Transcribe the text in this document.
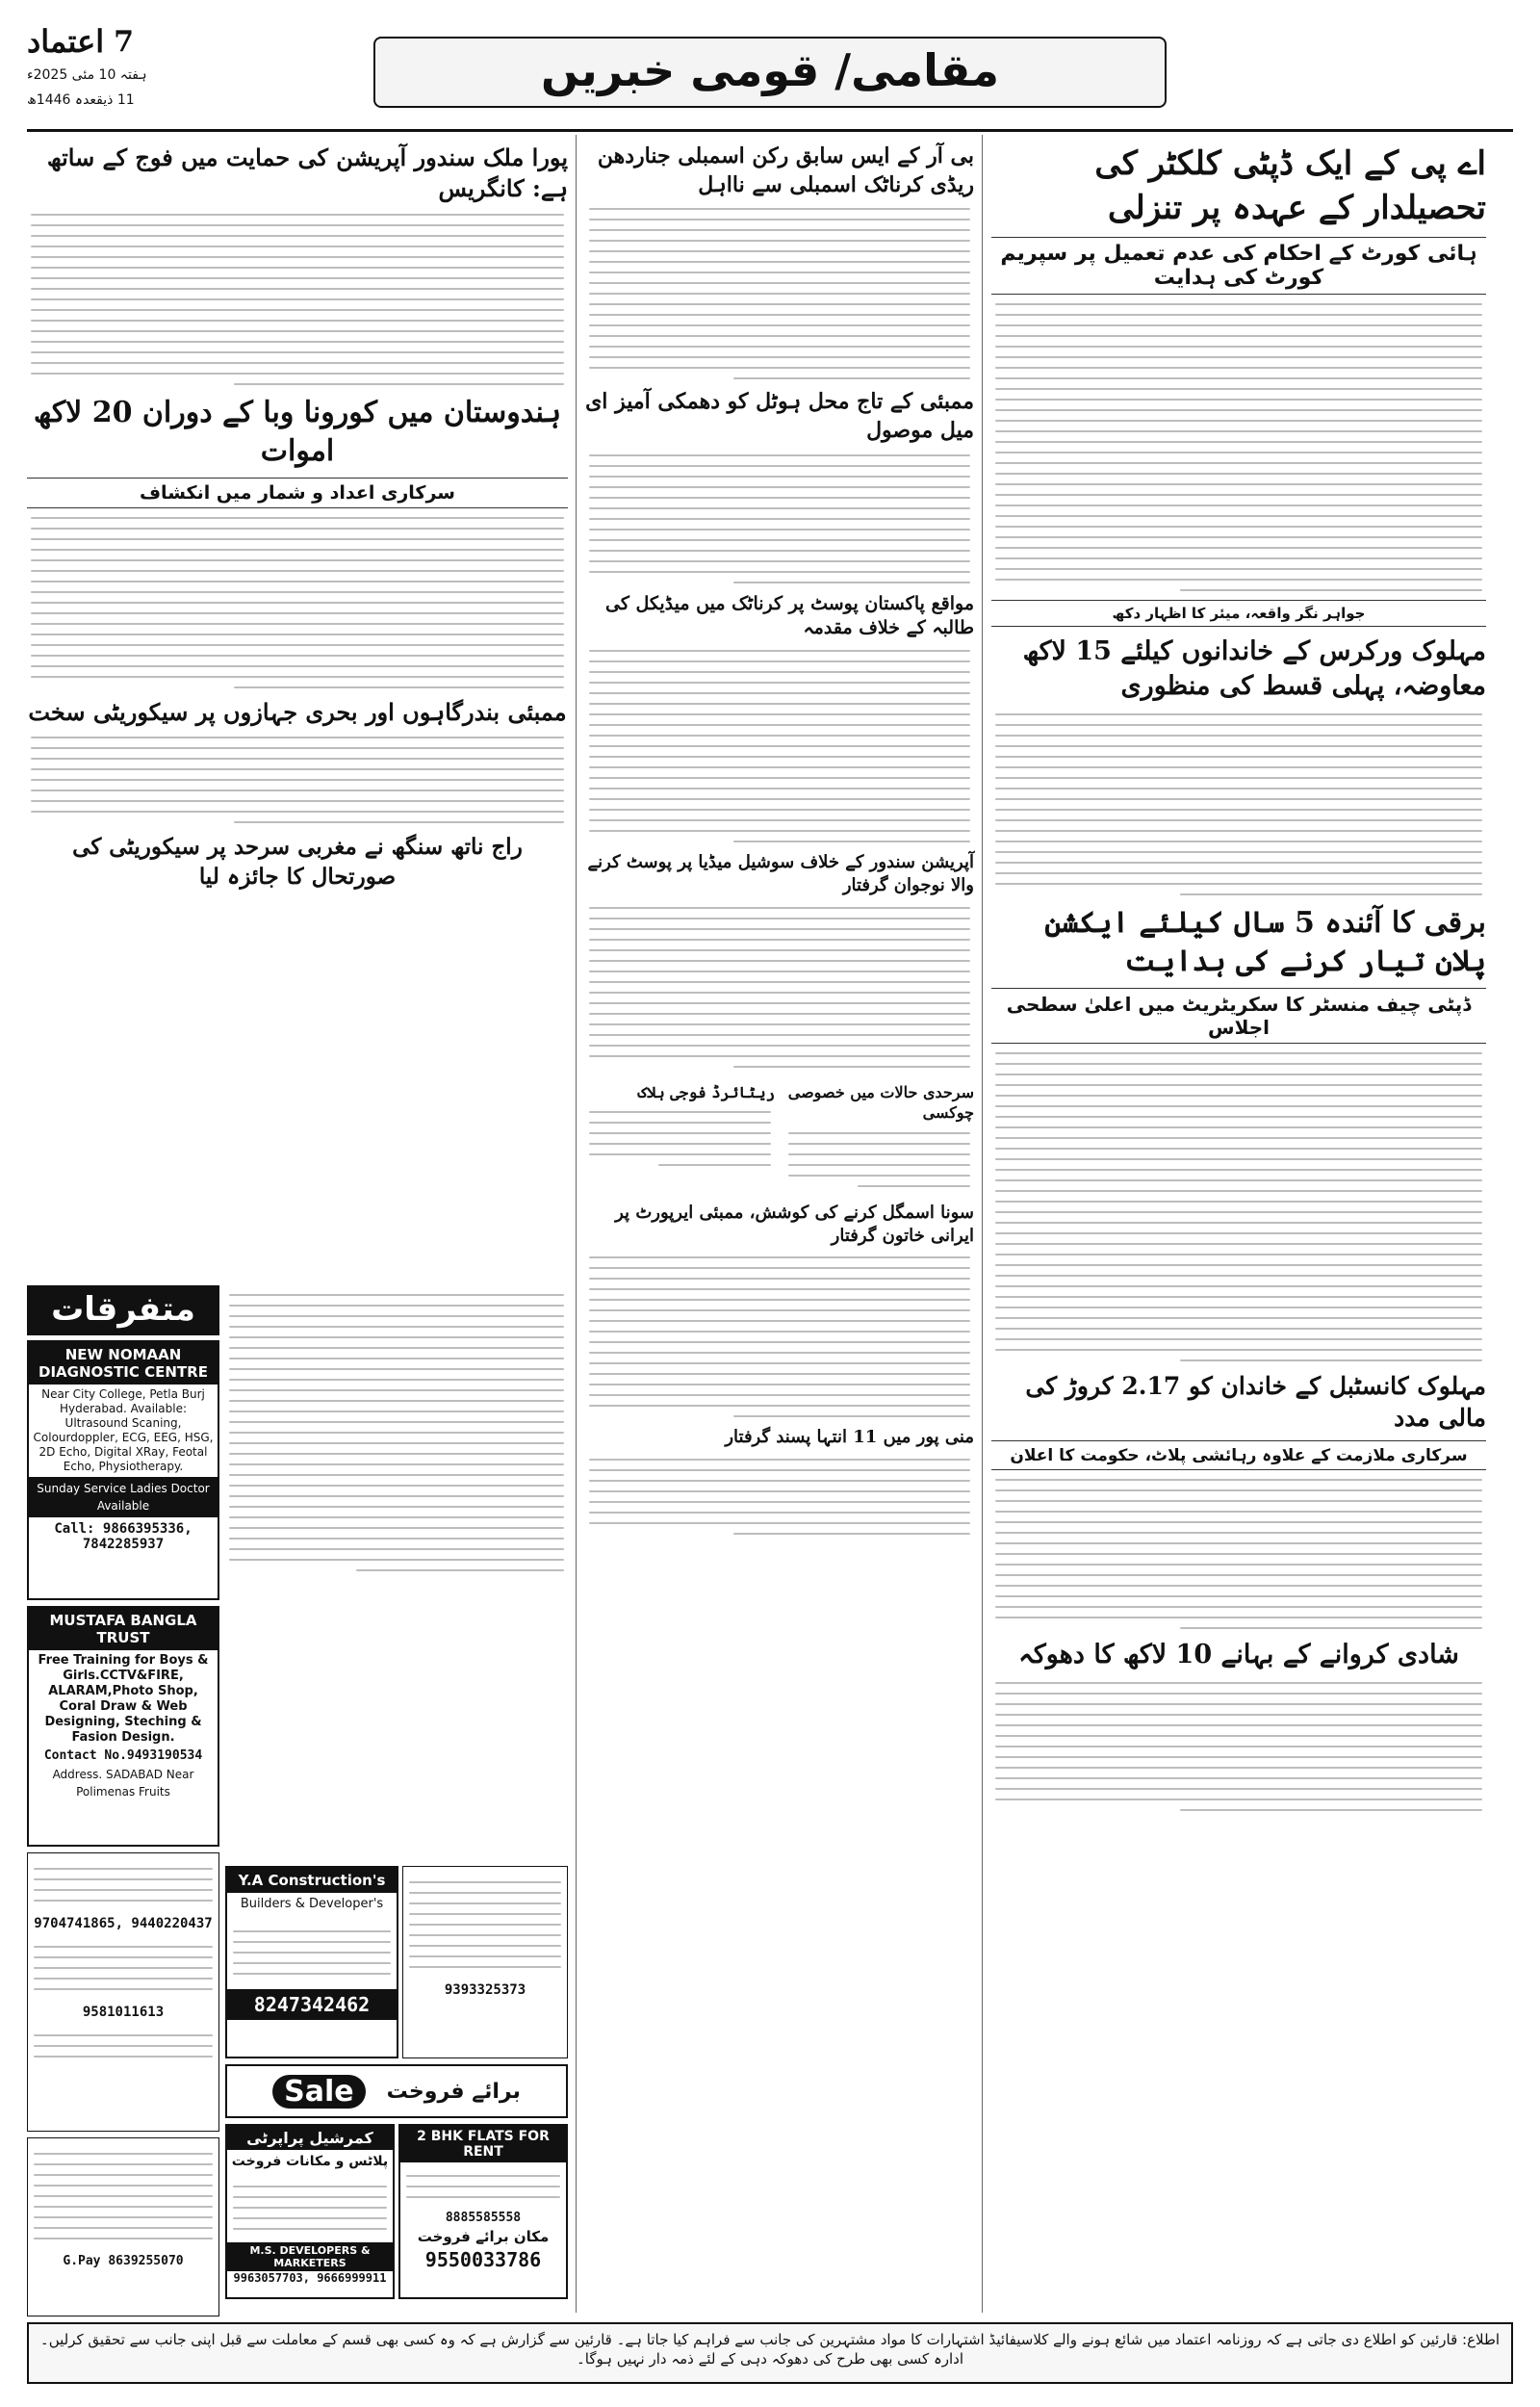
اعتماد 7
ہفتہ 10 مئی 2025ء
11 ذیقعدہ 1446ھ
مقامی/ قومی خبریں
اے پی کے ایک ڈپٹی کلکٹر کی تحصیلدار کے عہدہ پر تنزلی
ہائی کورٹ کے احکام کی عدم تعمیل پر سپریم کورٹ کی ہدایت
جواہر نگر واقعہ، میئر کا اظہار دکھ
مہلوک ورکرس کے خاندانوں کیلئے 15 لاکھ معاوضہ، پہلی قسط کی منظوری
برقی کا آئندہ 5 سال کیلئے ایکشن پلان تیار کرنے کی ہدایت
ڈپٹی چیف منسٹر کا سکریٹریٹ میں اعلیٰ سطحی اجلاس
مہلوک کانسٹبل کے خاندان کو 2.17 کروڑ کی مالی مدد
سرکاری ملازمت کے علاوہ رہائشی پلاٹ، حکومت کا اعلان
شادی کروانے کے بہانے 10 لاکھ کا دھوکہ
بی آر کے ایس سابق رکن اسمبلی جناردھن ریڈی کرناٹک اسمبلی سے نااہل
ممبئی کے تاج محل ہوٹل کو دھمکی آمیز ای میل موصول
مواقع پاکستان پوسٹ پر کرناٹک میں میڈیکل کی طالبہ کے خلاف مقدمہ
آپریشن سندور کے خلاف سوشیل میڈیا پر پوسٹ کرنے والا نوجوان گرفتار
سرحدی حالات میں خصوصی چوکسی
ریٹائرڈ فوجی ہلاک
سونا اسمگل کرنے کی کوشش، ممبئی ایرپورٹ پر ایرانی خاتون گرفتار
منی پور میں 11 انتہا پسند گرفتار
پورا ملک سندور آپریشن کی حمایت میں فوج کے ساتھ ہے: کانگریس
ہندوستان میں کورونا وبا کے دوران 20 لاکھ اموات
سرکاری اعداد و شمار میں انکشاف
ممبئی بندرگاہوں اور بحری جہازوں پر سیکوریٹی سخت
راج ناتھ سنگھ نے مغربی سرحد پر سیکوریٹی کی صورتحال کا جائزہ لیا
متفرقات
NEW NOMAAN DIAGNOSTIC CENTRE
Near City College, Petla Burj Hyderabad. Available: Ultrasound Scaning, Colourdoppler, ECG, EEG, HSG, 2D Echo, Digital XRay, Feotal Echo, Physiotherapy.
Sunday Service Ladies Doctor Available
Call: 9866395336, 7842285937
MUSTAFA BANGLA TRUST
Free Training for Boys & Girls.CCTV&FIRE, ALARAM,Photo Shop, Coral Draw & Web Designing, Steching & Fasion Design.
Contact No.9493190534
Address. SADABAD Near Polimenas Fruits
9704741865, 9440220437
9581011613
G.Pay 8639255070
Y.A Construction's
Builders & Developer's
8247342462
9393325373
Sale	برائے فروخت
کمرشیل پراپرٹی
پلاٹس و مکانات فروخت
M.S. DEVELOPERS & MARKETERS
9963057703, 9666999911
2 BHK FLATS FOR RENT
8885585558
مکان برائے فروخت
9550033786
اطلاع: قارئین کو اطلاع دی جاتی ہے کہ روزنامہ اعتماد میں شائع ہونے والے کلاسیفائیڈ اشتہارات کا مواد مشتہرین کی جانب سے فراہم کیا جاتا ہے۔ قارئین سے گزارش ہے کہ وہ کسی بھی قسم کے معاملت سے قبل اپنی جانب سے تحقیق کرلیں۔ ادارہ کسی بھی طرح کی دھوکہ دہی کے لئے ذمہ دار نہیں ہوگا۔
